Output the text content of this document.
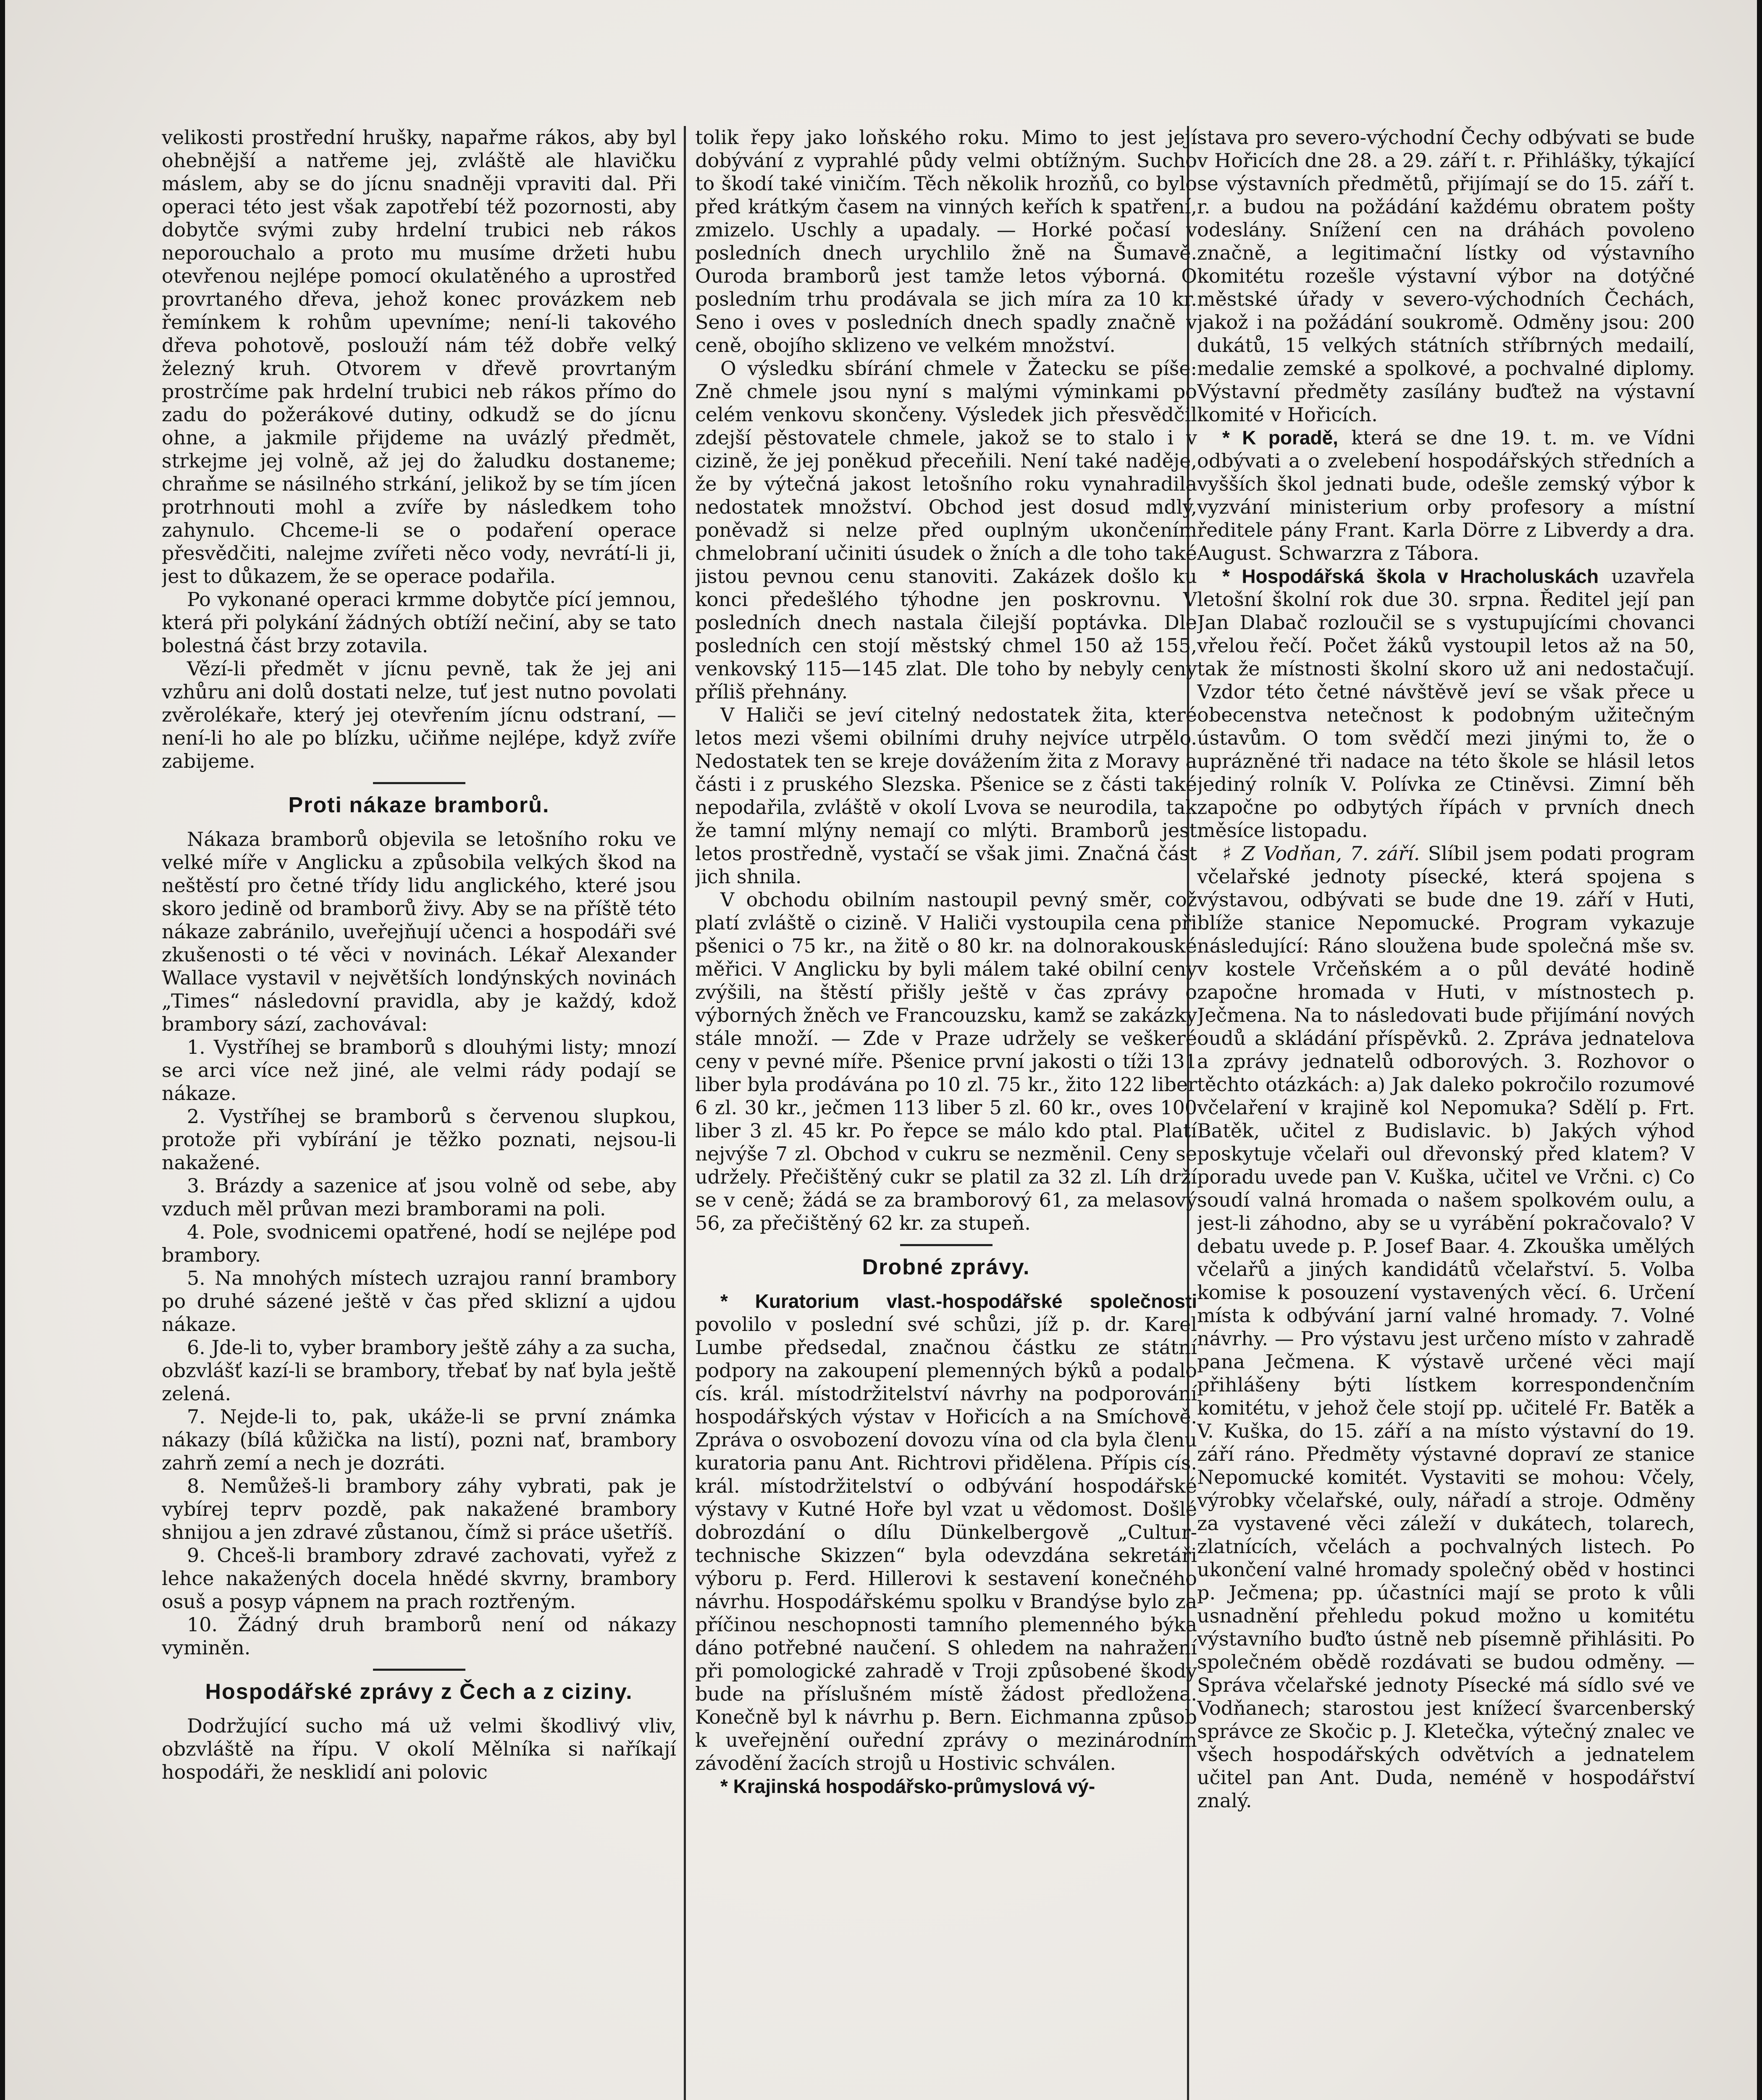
velikosti prostřední hrušky, napařme rákos, aby byl ohebnější a natřeme jej, zvláště ale hlavičku máslem, aby se do jícnu snadněji vpraviti dal. Při operaci této jest však zapotřebí též pozornosti, aby dobytče svými zuby hrdelní trubici neb rákos neporouchalo a proto mu musíme držeti hubu otevřenou nejlépe pomocí okulatěného a uprostřed provrtaného dřeva, jehož konec provázkem neb řemínkem k rohům upevníme; není-li takového dřeva pohotově, poslouží nám též dobře velký železný kruh. Otvorem v dřevě provrtaným prostrčíme pak hrdelní trubici neb rákos přímo do zadu do požerákové dutiny, odkudž se do jícnu ohne, a jakmile přijdeme na uvázlý předmět, strkejme jej volně, až jej do žaludku dostaneme; chraňme se násilného strkání, jelikož by se tím jícen protrhnouti mohl a zvíře by následkem toho zahynulo. Chceme-li se o podaření operace přesvědčiti, nalejme zvířeti něco vody, nevrátí-li ji, jest to důkazem, že se operace podařila.

Po vykonané operaci krmme dobytče pící jemnou, která při polykání žádných obtíží nečiní, aby se tato bolestná část brzy zotavila.

Vězí-li předmět v jícnu pevně, tak že jej ani vzhůru ani dolů dostati nelze, tuť jest nutno povolati zvěrolékaře, který jej otevřením jícnu odstraní, — není-li ho ale po blízku, učiňme nejlépe, když zvíře zabijeme.

Proti nákaze bramborů.

Nákaza bramborů objevila se letošního roku ve velké míře v Anglicku a způsobila velkých škod na neštěstí pro četné třídy lidu anglického, které jsou skoro jedině od bramborů živy. Aby se na příště této nákaze zabránilo, uveřejňují učenci a hospodáři své zkušenosti o té věci v novinách. Lékař Alexander Wallace vystavil v největších londýnských novinách „Times“ následovní pravidla, aby je každý, kdož brambory sází, zachovával:

1. Vystříhej se bramborů s dlouhými listy; mnozí se arci více než jiné, ale velmi rády podají se nákaze.

2. Vystříhej se bramborů s červenou slupkou, protože při vybírání je těžko poznati, nejsou-li nakažené.

3. Brázdy a sazenice ať jsou volně od sebe, aby vzduch měl průvan mezi bramborami na poli.

4. Pole, svodnicemi opatřené, hodí se nejlépe pod brambory.

5. Na mnohých místech uzrajou ranní brambory po druhé sázené ještě v čas před sklizní a ujdou nákaze.

6. Jde-li to, vyber brambory ještě záhy a za sucha, obzvlášť kazí-li se brambory, třebať by nať byla ještě zelená.

7. Nejde-li to, pak, ukáže-li se první známka nákazy (bílá kůžička na listí), pozni nať, brambory zahrň zemí a nech je dozráti.

8. Nemůžeš-li brambory záhy vybrati, pak je vybírej teprv pozdě, pak nakažené brambory shnijou a jen zdravé zůstanou, čímž si práce ušetříš.

9. Chceš-li brambory zdravé zachovati, vyřež z lehce nakažených docela hnědé skvrny, brambory osuš a posyp vápnem na prach roztřeným.

10. Žádný druh bramborů není od nákazy vyminěn.

Hospodářské zprávy z Čech a z ciziny.

Dodržující sucho má už velmi škodlivý vliv, obzvláště na řípu. V okolí Mělníka si naříkají hospodáři, že nesklidí ani polovic

tolik řepy jako loňského roku. Mimo to jest její dobývání z vyprahlé půdy velmi obtížným. Sucho to škodí také viničím. Těch několik hrozňů, co bylo před krátkým časem na vinných keřích k spatření, zmizelo. Uschly a upadaly. — Horké počasí v posledních dnech urychlilo žně na Šumavě. Ouroda bramborů jest tamže letos výborná. O posledním trhu prodávala se jich míra za 10 kr. Seno i oves v posledních dnech spadly značně v ceně, obojího sklizeno ve velkém množství.

O výsledku sbírání chmele v Žatecku se píše: Zně chmele jsou nyní s malými výminkami po celém venkovu skončeny. Výsledek jich přesvědčil zdejší pěstovatele chmele, jakož se to stalo i v cizině, že jej poněkud přeceňili. Není také naděje, že by výtečná jakost letošního roku vynahradila nedostatek množství. Obchod jest dosud mdlý, poněvadž si nelze před ouplným ukončením chmelobraní učiniti úsudek o žních a dle toho také jistou pevnou cenu stanoviti. Zakázek došlo ku konci předešlého týhodne jen poskrovnu. V posledních dnech nastala čilejší poptávka. Dle posledních cen stojí městský chmel 150 až 155, venkovský 115—145 zlat. Dle toho by nebyly ceny příliš přehnány.

V Haliči se jeví citelný nedostatek žita, které letos mezi všemi obilními druhy nejvíce utrpělo. Nedostatek ten se kreje dovážením žita z Moravy a části i z pruského Slezska. Pšenice se z části také nepodařila, zvláště v okolí Lvova se neurodila, tak že tamní mlýny nemají co mlýti. Bramborů jest letos prostředně, vystačí se však jimi. Značná část jich shnila.

V obchodu obilním nastoupil pevný směr, což platí zvláště o cizině. V Haliči vystoupila cena při pšenici o 75 kr., na žitě o 80 kr. na dolnorakouské měřici. V Anglicku by byli málem také obilní ceny zvýšili, na štěstí přišly ještě v čas zprávy o výborných žněch ve Francouzsku, kamž se zakázky stále množí. — Zde v Praze udržely se veškeré ceny v pevné míře. Pšenice první jakosti o tíži 131 liber byla prodávána po 10 zl. 75 kr., žito 122 liber 6 zl. 30 kr., ječmen 113 liber 5 zl. 60 kr., oves 100 liber 3 zl. 45 kr. Po řepce se málo kdo ptal. Platí nejvýše 7 zl. Obchod v cukru se nezměnil. Ceny se udržely. Přečištěný cukr se platil za 32 zl. Líh drží se v ceně; žádá se za bramborový 61, za melasový 56, za přečištěný 62 kr. za stupeň.

Drobné zprávy.

* Kuratorium vlast.-hospodářské společnosti povolilo v poslední své schůzi, jíž p. dr. Karel Lumbe předsedal, značnou částku ze státní podpory na zakoupení plemenných býků a podalo cís. král. místodržitelství návrhy na podporování hospodářských výstav v Hořicích a na Smíchově. Zpráva o osvobození dovozu vína od cla byla členu kuratoria panu Ant. Richtrovi přidělena. Přípis cís. král. místodržitelství o odbývání hospodářské výstavy v Kutné Hoře byl vzat u vědomost. Došlé dobrozdání o dílu Dünkelbergově „Cultur-technische Skizzen“ byla odevzdána sekretáři výboru p. Ferd. Hillerovi k sestavení konečného návrhu. Hospodářskému spolku v Brandýse bylo za příčinou neschopnosti tamního plemenného býka dáno potřebné naučení. S ohledem na nahražení při pomologické zahradě v Troji způsobené škody bude na příslušném místě žádost předložena. Konečně byl k návrhu p. Bern. Eichmanna způsob k uveřejnění ouřední zprávy o mezinárodním závodění žacích strojů u Hostivic schválen.

* Krajinská hospodářsko-průmyslová vý-

stava pro severo-východní Čechy odbývati se bude v Hořicích dne 28. a 29. září t. r. Přihlášky, týkající se výstavních předmětů, přijímají se do 15. září t. r. a budou na požádání každému obratem pošty odeslány. Snížení cen na dráhách povoleno značně, a legitimační lístky od výstavního komitétu rozešle výstavní výbor na dotýčné městské úřady v severo-východních Čechách, jakož i na požádání soukromě. Odměny jsou: 200 dukátů, 15 velkých státních stříbrných medailí, medalie zemské a spolkové, a pochvalné diplomy. Výstavní předměty zasílány buďtež na výstavní komité v Hořicích.

* K poradě, která se dne 19. t. m. ve Vídni odbývati a o zvelebení hospodářských středních a vyšších škol jednati bude, odešle zemský výbor k vyzvání ministerium orby profesory a místní ředitele pány Frant. Karla Dörre z Libverdy a dra. August. Schwarzra z Tábora.

* Hospodářská škola v Hracholuskách uzavřela letošní školní rok due 30. srpna. Ředitel její pan Jan Dlabač rozloučil se s vystupujícími chovanci vřelou řečí. Počet žáků vystoupil letos až na 50, tak že místnosti školní skoro už ani nedostačují. Vzdor této četné návštěvě jeví se však přece u obecenstva netečnost k podobným užitečným ústavům. O tom svědčí mezi jinými to, že o uprázněné tři nadace na této škole se hlásil letos jediný rolník V. Polívka ze Ctiněvsi. Zimní běh započne po odbytých řípách v prvních dnech měsíce listopadu.

♯ Z Vodňan, 7. září. Slíbil jsem podati program včelařské jednoty písecké, která spojena s výstavou, odbývati se bude dne 19. září v Huti, blíže stanice Nepomucké. Program vykazuje následující: Ráno sloužena bude společná mše sv. v kostele Vrčeňském a o půl deváté hodině započne hromada v Huti, v místnostech p. Ječmena. Na to následovati bude přijímání nových oudů a skládání příspěvků. 2. Zpráva jednatelova a zprávy jednatelů odborových. 3. Rozhovor o těchto otázkách: a) Jak daleko pokročilo rozumové včelaření v krajině kol Nepomuka? Sdělí p. Frt. Batěk, učitel z Budislavic. b) Jakých výhod poskytuje včelaři oul dřevonský před klatem? V poradu uvede pan V. Kuška, učitel ve Vrčni. c) Co soudí valná hromada o našem spolkovém oulu, a jest-li záhodno, aby se u vyrábění pokračovalo? V debatu uvede p. P. Josef Baar. 4. Zkouška umělých včelařů a jiných kandidátů včelařství. 5. Volba komise k posouzení vystavených věcí. 6. Určení místa k odbývání jarní valné hromady. 7. Volné návrhy. — Pro výstavu jest určeno místo v zahradě pana Ječmena. K výstavě určené věci mají přihlášeny býti lístkem korrespondenčním komitétu, v jehož čele stojí pp. učitelé Fr. Batěk a V. Kuška, do 15. září a na místo výstavní do 19. září ráno. Předměty výstavné dopraví ze stanice Nepomucké komitét. Vystaviti se mohou: Včely, výrobky včelařské, ouly, nářadí a stroje. Odměny za vystavené věci záleží v dukátech, tolarech, zlatnících, včelách a pochvalných listech. Po ukončení valné hromady společný oběd v hostinci p. Ječmena; pp. účastníci mají se proto k vůli usnadnění přehledu pokud možno u komitétu výstavního buďto ústně neb písemně přihlásiti. Po společném obědě rozdávati se budou odměny. — Správa včelařské jednoty Písecké má sídlo své ve Vodňanech; starostou jest knížecí švarcenberský správce ze Skočic p. J. Kletečka, výtečný znalec ve všech hospodářských odvětvích a jednatelem učitel pan Ant. Duda, neméně v hospodářství znalý.
